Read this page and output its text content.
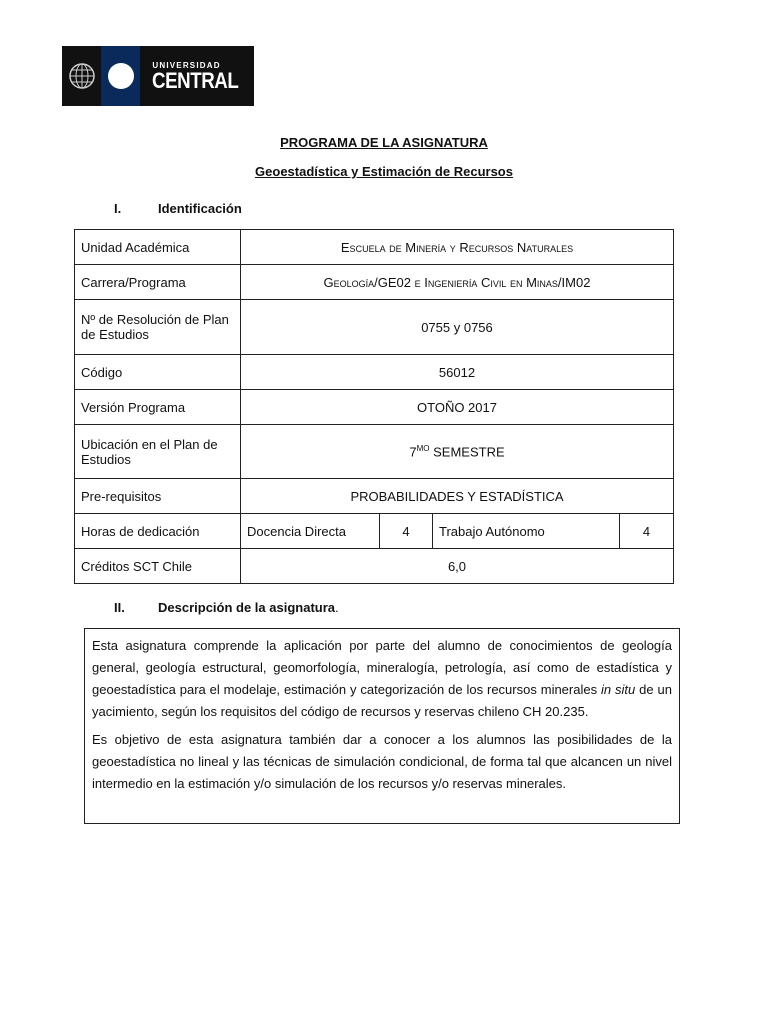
UNIVERSIDAD
CENTRAL
PROGRAMA DE LA ASIGNATURA
Geoestadística y Estimación de Recursos
I.	Identificación
Unidad Académica	Escuela de Minería y Recursos Naturales			
Carrera/Programa	Geología/GE02 e Ingeniería Civil en Minas/IM02			
Nº de Resolución de Plan de Estudios	0755 y 0756			
Código	56012			
Versión Programa	OTOÑO 2017			
Ubicación en el Plan de Estudios	$7^{MO}$ SEMESTRE			
Pre-requisitos	PROBABILIDADES Y ESTADÍSTICA			
Horas de dedicación	Docencia Directa	4	Trabajo Autónomo	4
Créditos SCT Chile	6,0			
II.	Descripción de la asignatura.

Esta asignatura comprende la aplicación por parte del alumno de conocimientos de geología general, geología estructural, geomorfología, mineralogía, petrología, así como de estadística y geoestadística para el modelaje, estimación y categorización de los recursos minerales in situ de un yacimiento, según los requisitos del código de recursos y reservas chileno CH 20.235.

Es objetivo de esta asignatura también dar a conocer a los alumnos las posibilidades de la geoestadística no lineal y las técnicas de simulación condicional, de forma tal que alcancen un nivel intermedio en la estimación y/o simulación de los recursos y/o reservas minerales.
